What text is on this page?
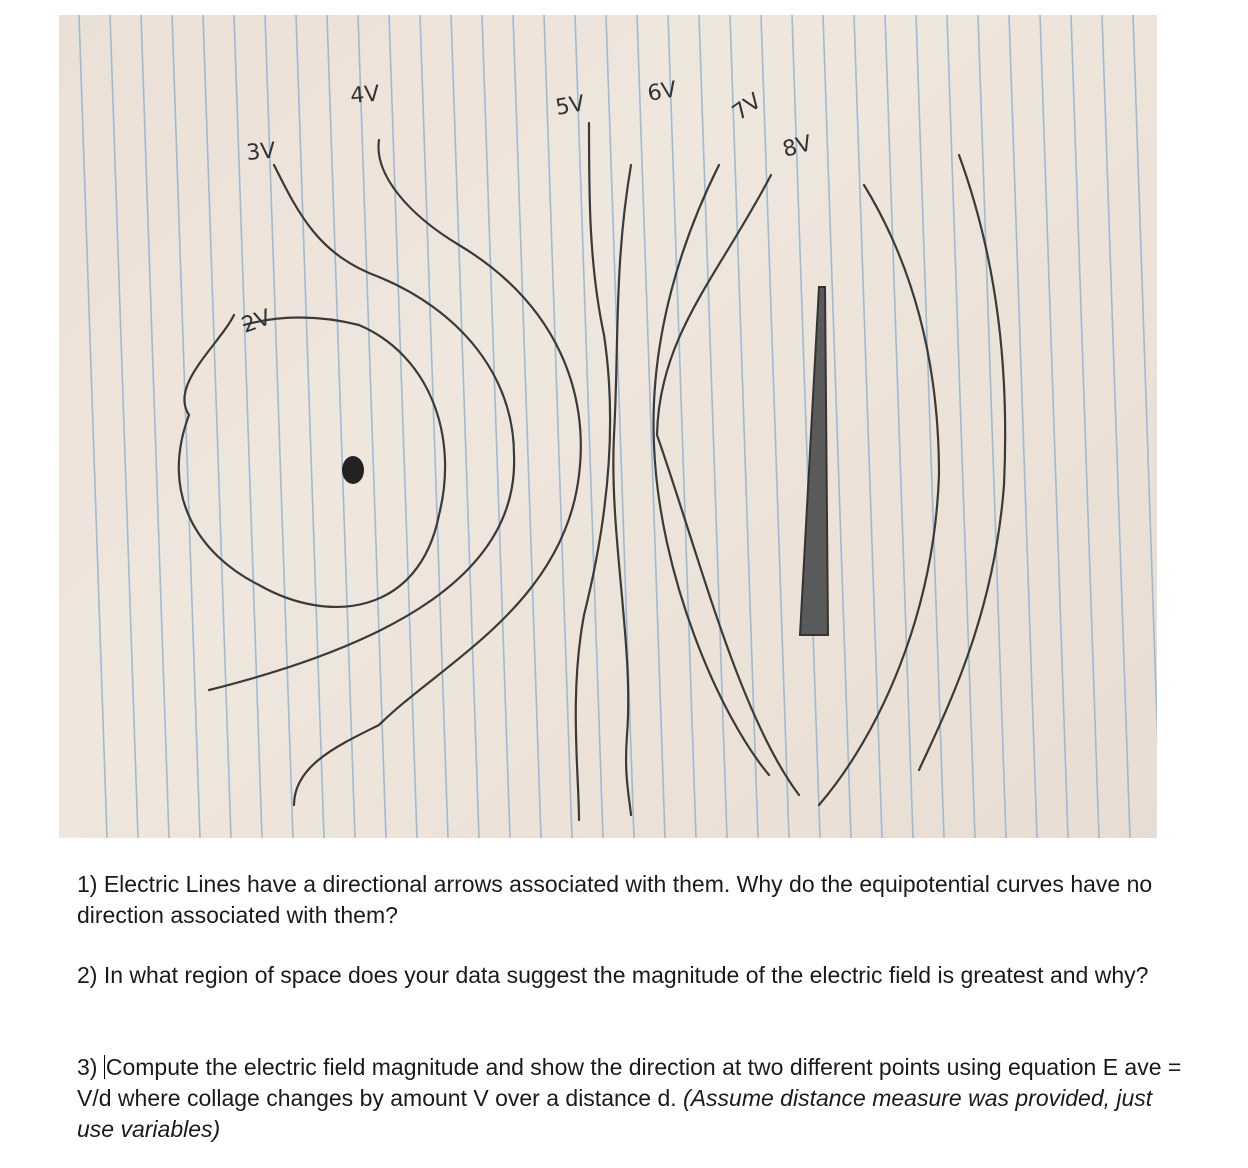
3V
4V	5V	6V 7V
8V
2V

1) Electric Lines have a directional arrows associated with them. Why do the equipotential curves have no direction associated with them?

2) In what region of space does your data suggest the magnitude of the electric field is greatest and why?

3) Compute the electric field magnitude and show the direction at two different points using equation E ave = V/d where collage changes by amount V over a distance d. (Assume distance measure was provided, just use variables)
